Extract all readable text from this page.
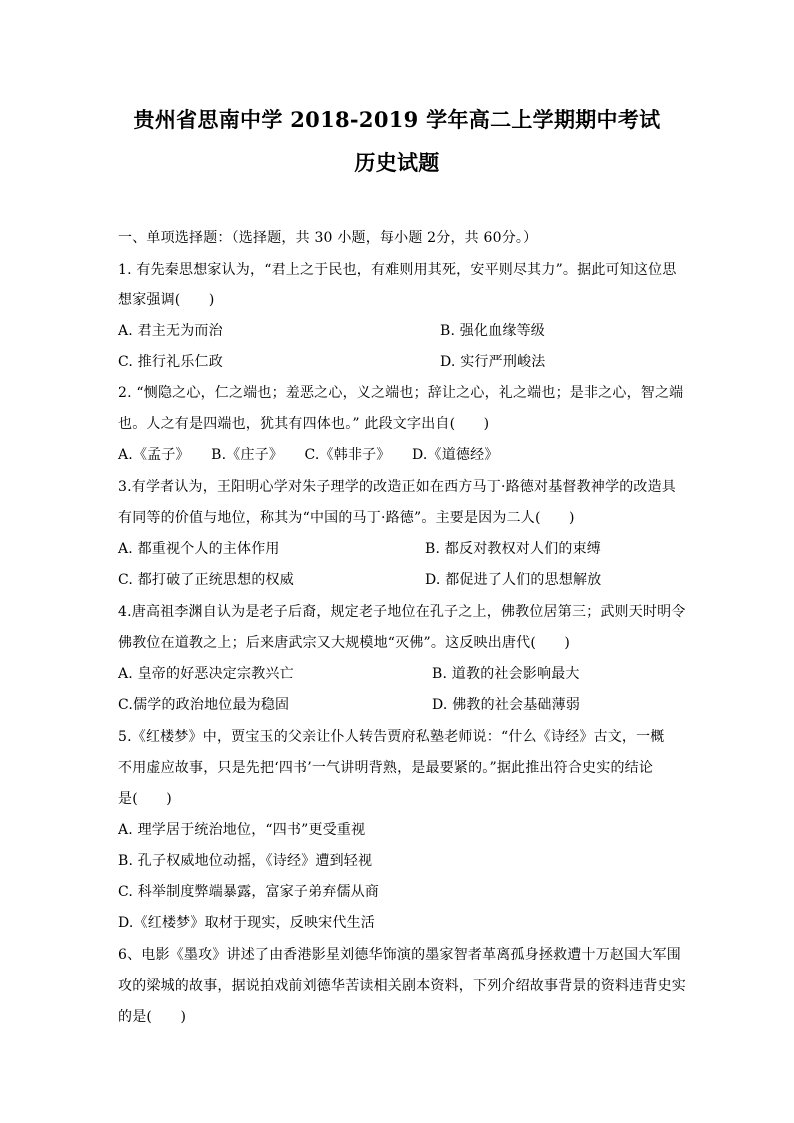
贵州省思南中学 2018-2019 学年高二上学期期中考试
历史试题
一、单项选择题：（选择题，共 30 小题，每小题 2分，共 60分。）
1. 有先秦思想家认为，“君上之于民也，有难则用其死，安平则尽其力”。据此可知这位思
想家强调(　　)
A. 君主无为而治	B. 强化血缘等级
C. 推行礼乐仁政	D. 实行严刑峻法
2. “恻隐之心，仁之端也；羞恶之心，义之端也；辞让之心，礼之端也；是非之心，智之端
也。人之有是四端也，犹其有四体也。” 此段文字出自(　　)
A.《孟子》　　B.《庄子》　　C.《韩非子》　　D.《道德经》
3.有学者认为，王阳明心学对朱子理学的改造正如在西方马丁·路德对基督教神学的改造具
有同等的价值与地位，称其为“中国的马丁·路德”。主要是因为二人(　　)
A. 都重视个人的主体作用	B. 都反对教权对人们的束缚
C. 都打破了正统思想的权威	D. 都促进了人们的思想解放
4.唐高祖李渊自认为是老子后裔，规定老子地位在孔子之上，佛教位居第三；武则天时明令
佛教位在道教之上；后来唐武宗又大规模地“灭佛”。这反映出唐代(　　)
A. 皇帝的好恶决定宗教兴亡	B. 道教的社会影响最大
C.儒学的政治地位最为稳固	D. 佛教的社会基础薄弱
5.《红楼梦》中，贾宝玉的父亲让仆人转告贾府私塾老师说：“什么《诗经》古文，一概
不用虚应故事，只是先把‘四书’一气讲明背熟，是最要紧的。”据此推出符合史实的结论
是(　　)
A. 理学居于统治地位，“四书”更受重视
B. 孔子权威地位动摇，《诗经》遭到轻视
C. 科举制度弊端暴露，富家子弟弃儒从商
D.《红楼梦》取材于现实，反映宋代生活
6、电影《墨攻》讲述了由香港影星刘德华饰演的墨家智者革离孤身拯救遭十万赵国大军围
攻的梁城的故事，据说拍戏前刘德华苦读相关剧本资料，下列介绍故事背景的资料违背史实
的是(　　)
